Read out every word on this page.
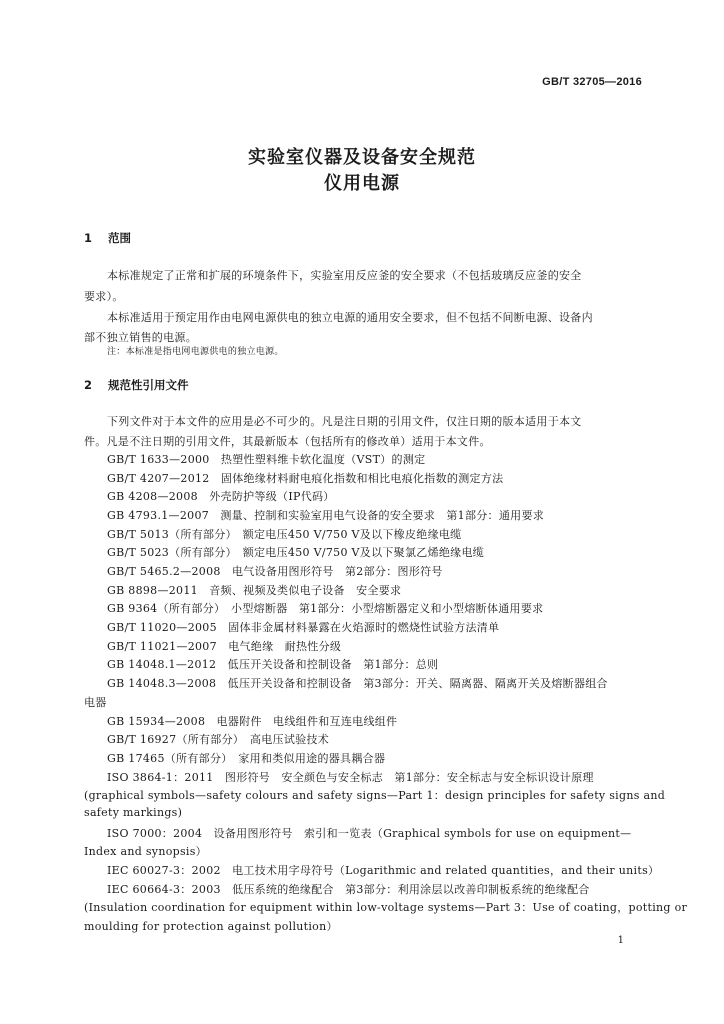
GB/T 32705—2016
实验室仪器及设备安全规范
仪用电源
1 范围
本标准规定了正常和扩展的环境条件下，实验室用反应釜的安全要求（不包括玻璃反应釜的安全
要求）。
本标准适用于预定用作由电网电源供电的独立电源的通用安全要求，但不包括不间断电源、设备内
部不独立销售的电源。
注：本标准是指电网电源供电的独立电源。
2 规范性引用文件
下列文件对于本文件的应用是必不可少的。凡是注日期的引用文件，仅注日期的版本适用于本文
件。凡是不注日期的引用文件，其最新版本（包括所有的修改单）适用于本文件。
GB/T 1633—2000　热塑性塑料维卡软化温度（VST）的测定
GB/T 4207—2012　固体绝缘材料耐电痕化指数和相比电痕化指数的测定方法
GB 4208—2008　外壳防护等级（IP代码）
GB 4793.1—2007　测量、控制和实验室用电气设备的安全要求　第1部分：通用要求
GB/T 5013（所有部分）　额定电压450 V/750 V及以下橡皮绝缘电缆
GB/T 5023（所有部分）　额定电压450 V/750 V及以下聚氯乙烯绝缘电缆
GB/T 5465.2—2008　电气设备用图形符号　第2部分：图形符号
GB 8898—2011　音频、视频及类似电子设备　安全要求
GB 9364（所有部分）　小型熔断器　第1部分：小型熔断器定义和小型熔断体通用要求
GB/T 11020—2005　固体非金属材料暴露在火焰源时的燃烧性试验方法清单
GB/T 11021—2007　电气绝缘　耐热性分级
GB 14048.1—2012　低压开关设备和控制设备　第1部分：总则
GB 14048.3—2008　低压开关设备和控制设备　第3部分：开关、隔离器、隔离开关及熔断器组合
电器
GB 15934—2008　电器附件　电线组件和互连电线组件
GB/T 16927（所有部分）　高电压试验技术
GB 17465（所有部分）　家用和类似用途的器具耦合器
ISO 3864-1：2011　图形符号　安全颜色与安全标志　第1部分：安全标志与安全标识设计原理
(graphical symbols—safety colours and safety signs—Part 1：design principles for safety signs and
safety markings)
ISO 7000：2004　设备用图形符号　索引和一览表（Graphical symbols for use on equipment—
Index and synopsis）
IEC 60027-3：2002　电工技术用字母符号（Logarithmic and related quantities，and their units）
IEC 60664-3：2003　低压系统的绝缘配合　第3部分：利用涂层以改善印制板系统的绝缘配合
(Insulation coordination for equipment within low-voltage systems—Part 3：Use of coating，potting or
moulding for protection against pollution）
1
